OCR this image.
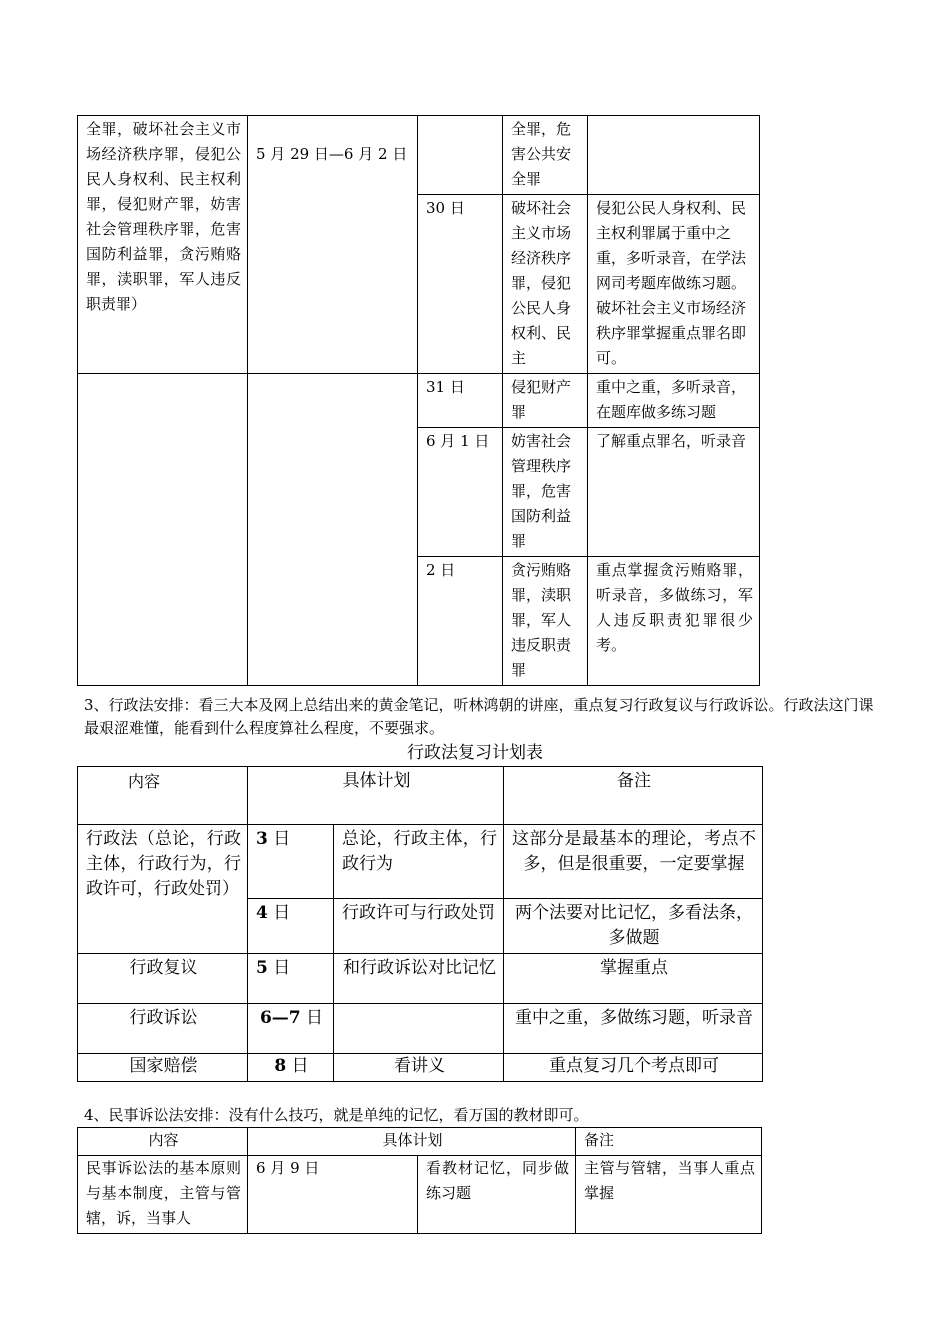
全罪，破坏社会主义市场经济秩序罪，侵犯公民人身权利、民主权利罪，侵犯财产罪，妨害社会管理秩序罪，危害国防利益罪，贪污贿赂罪，渎职罪，军人违反职责罪）	5 月 29 日—6 月 2 日		全罪，危害公共安全罪	
		30 日	破坏社会主义市场经济秩序罪，侵犯公民人身权利、民主	侵犯公民人身权利、民主权利罪属于重中之重，多听录音，在学法网司考题库做练习题。破坏社会主义市场经济秩序罪掌握重点罪名即可。
		31 日	侵犯财产罪	重中之重，多听录音，在题库做多练习题
		6 月 1 日	妨害社会管理秩序罪，危害国防利益罪	了解重点罪名，听录音
		2 日	贪污贿赂罪，渎职罪，军人违反职责罪	重点掌握贪污贿赂罪，听录音，多做练习，军人违反职责犯罪很少考。
3、行政法安排：看三大本及网上总结出来的黄金笔记，听林鸿朝的讲座，重点复习行政复议与行政诉讼。行政法这门课最艰涩难懂，能看到什么程度算社么程度，不要强求。
行政法复习计划表
内容	具体计划		备注
行政法（总论，行政主体，行政行为，行政许可，行政处罚）	3 日	总论，行政主体，行政行为	这部分是最基本的理论，考点不多，但是很重要，一定要掌握
	4 日	行政许可与行政处罚	两个法要对比记忆，多看法条，多做题
行政复议	5 日	和行政诉讼对比记忆	掌握重点
行政诉讼	6—7 日		重中之重，多做练习题，听录音
国家赔偿	8 日	看讲义	重点复习几个考点即可
4、民事诉讼法安排：没有什么技巧，就是单纯的记忆，看万国的教材即可。
内容	具体计划		备注
民事诉讼法的基本原则与基本制度，主管与管辖，诉，当事人	6 月 9 日	看教材记忆，同步做练习题	主管与管辖，当事人重点掌握
